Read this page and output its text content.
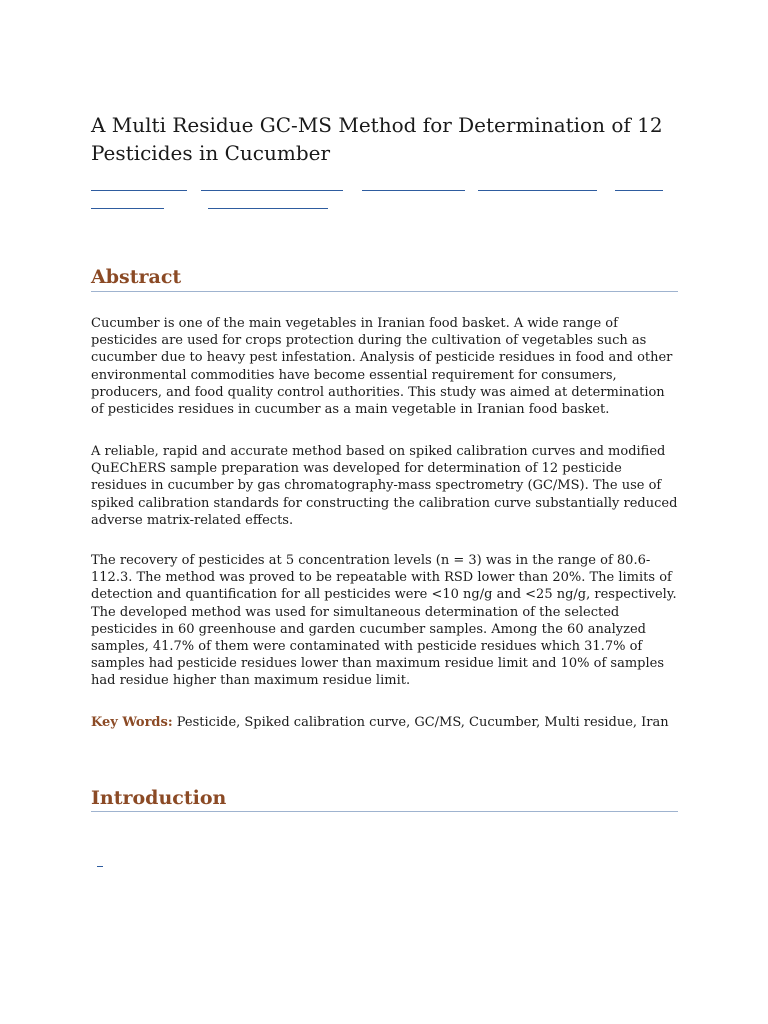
A Multi Residue GC-MS Method for Determination of 12 Pesticides in Cucumber
Abstract

Cucumber is one of the main vegetables in Iranian food basket. A wide range of pesticides are used for crops protection during the cultivation of vegetables such as cucumber due to heavy pest infestation. Analysis of pesticide residues in food and other environmental commodities have become essential requirement for consumers, producers, and food quality control authorities. This study was aimed at determination of pesticides residues in cucumber as a main vegetable in Iranian food basket.

A reliable, rapid and accurate method based on spiked calibration curves and modified QuEChERS sample preparation was developed for determination of 12 pesticide residues in cucumber by gas chromatography-mass spectrometry (GC/MS). The use of spiked calibration standards for constructing the calibration curve substantially reduced adverse matrix-related effects.

The recovery of pesticides at 5 concentration levels (n = 3) was in the range of 80.6-112.3. The method was proved to be repeatable with RSD lower than 20%. The limits of detection and quantification for all pesticides were <10 ng/g and <25 ng/g, respectively. The developed method was used for simultaneous determination of the selected pesticides in 60 greenhouse and garden cucumber samples. Among the 60 analyzed samples, 41.7% of them were contaminated with pesticide residues which 31.7% of samples had pesticide residues lower than maximum residue limit and 10% of samples had residue higher than maximum residue limit.

Key Words: Pesticide, Spiked calibration curve, GC/MS, Cucumber, Multi residue, Iran

Introduction
